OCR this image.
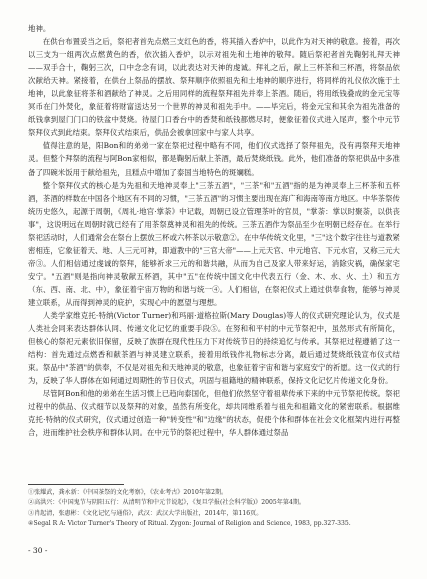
地神。

在供台布置妥当之后，祭祀者首先点燃三支红色的香，将其插入香炉中，以此作为对天神的敬意。接着，再次以三支为一组两次点燃黄色的香，依次插入香炉，以示对祖先和土地神的敬拜。随后祭祀者首先鞠躬礼拜天神——双手合十，鞠躬三次，口中念念有词，以此表达对天神的虔诚。拜礼之后，献上三杯茶和三杯酒，将祭品依次献给天神。紧接着，在供台上祭品的摆放、祭拜顺序依照祖先和土地神的顺序进行，将同样的礼仪依次施于土地神，以此象征将茶和酒献给了神灵。之后用同样的流程祭拜祖先并奉上茶酒。随后，将用纸钱叠成的金元宝等冥币在门外焚化，象征着将财富送达另一个世界的神灵和祖先手中。——毕完后，将金元宝和其余为祖先准备的纸钱拿到屋门门口的铁盆中焚烧。待屋门口香台中的香焚和纸钱都燃尽时，便象征着仪式进入尾声，整个中元节祭拜仪式到此结束。祭拜仪式结束后，供品会被拿回家中与家人共享。

值得注意的是，阳Bon和的弟弟一家在祭祀过程中略有不同，他们仪式选择了祭拜祖先，没有再祭拜天地神灵。但整个拜祭的流程与阿Bon家相似，都是鞠躬后献上茶酒，最后焚烧纸钱。此外，他们准备的祭祀供品中多准备了四碗米饭用于献给祖先，且糕点中增加了泰国当地特色的斑斓糕。

整个祭拜仪式的核心是为先祖和天地神灵奉上"三茶五酒"，"三茶"和"五酒"指的是为神灵奉上三杯茶和五杯酒，茶酒的样数在中国各个地区有不同的习惯，"三茶五酒"的习惯主要出现在海广和海南等南方地区。中华茶祭传统历史悠久，起源于周朝，《周礼·地官·掌荼》中记载，周朝已设立管理茶叶的官员，"掌荼：掌以时聚荼，以供丧事"，这说明远在周朝时就已经有了用茶祭奠神灵和祖先的传统。三茶五酒作为祭品至少在明朝已经存在。在举行祭祀活动时，人们通常会在祭台上摆放三杯或六杯茶以示敬意②。在中华传统文化里，"三"这个数字往往与道教紧密相连，它象征着天、地、人三元可神，即道教中的"三官大帝"——上元天官、中元地官、下元水官，又称三元大帝③。人们相信通过虔诚的祭拜，能够祈求三元的和谐共融，从而为自己及家人带来好运，消除灾祸，确保家宅安宁。"五酒"则是指向神灵敬献五杯酒，其中"五"在传统中国文化中代表五行（金、木、水、火、土）和五方（东、西、南、北、中），象征着宇宙万物的和谐与统一④。人们相信，在祭祀仪式上通过供奉食物，能够与神灵建立联系，从而得到神灵的庇护，实现心中的愿望与理想。

人类学家维克托·特纳(Victor Turner)和玛丽·道格拉斯(Mary Douglas)等人的仪式研究理论认为，仪式是人类社会同来表达群体认同、传递文化记忆的重要手段⑤。在努和和平村的中元节祭祀中，虽然形式有所简化，但核心的祭祀元素依旧保留，反映了族群在现代性压力下对传统节日的持续追忆与传承。其祭祀过程遵循了这一结构：首先通过点燃香和献茶酒与神灵建立联系，接着用纸钱作礼物标志分离，最后通过焚烧纸钱宣布仪式结束。祭品中"茶酒"的供奉，不仅是对祖先和天地神灵的敬意，也象征着宇宙和谐与家庭安宁的祈愿。这一仪式的行为，反映了华人群体在如何通过周期性的节日仪式，巩固与祖籍地的精神联系，保持文化记忆片传递文化身份。

尽管阿Bon和他的弟弟在生活习惯上已趋向泰国化，但他们依然坚守着祖辈传承下来的中元节祭祀传统。祭祀过程中的供品、仪式细节以及祭拜的对象，虽然有所变化，却共同维系着与祖先和祖籍文化的紧密联系。根据维克托·特纳的仪式研究，仪式通过创造一种"转变性"和"边缘"的状态，促使个体和群体在社会文化框架内进行再整合，进而维护社会秩序和群体认同。在中元节的祭祀过程中，华人群体通过祭品

①张耀武，龚永新：《中国茶祭的文化考察》，《农业考古》2010年第2期。
②高洪兴：《中国鬼节与阴阳五行：从清明节和中元节说起》，《复旦学报(社会科学版)》2005年第4期。
③肖起清，张惠彬：《文化记忆与通俗》，武汉：武汉大学出版社，2014年，第116页。
④Segal R A: Victor Turner's Theory of Ritual. Zygon: Journal of Religion and Science, 1983, pp.327-335.
- 30 -
